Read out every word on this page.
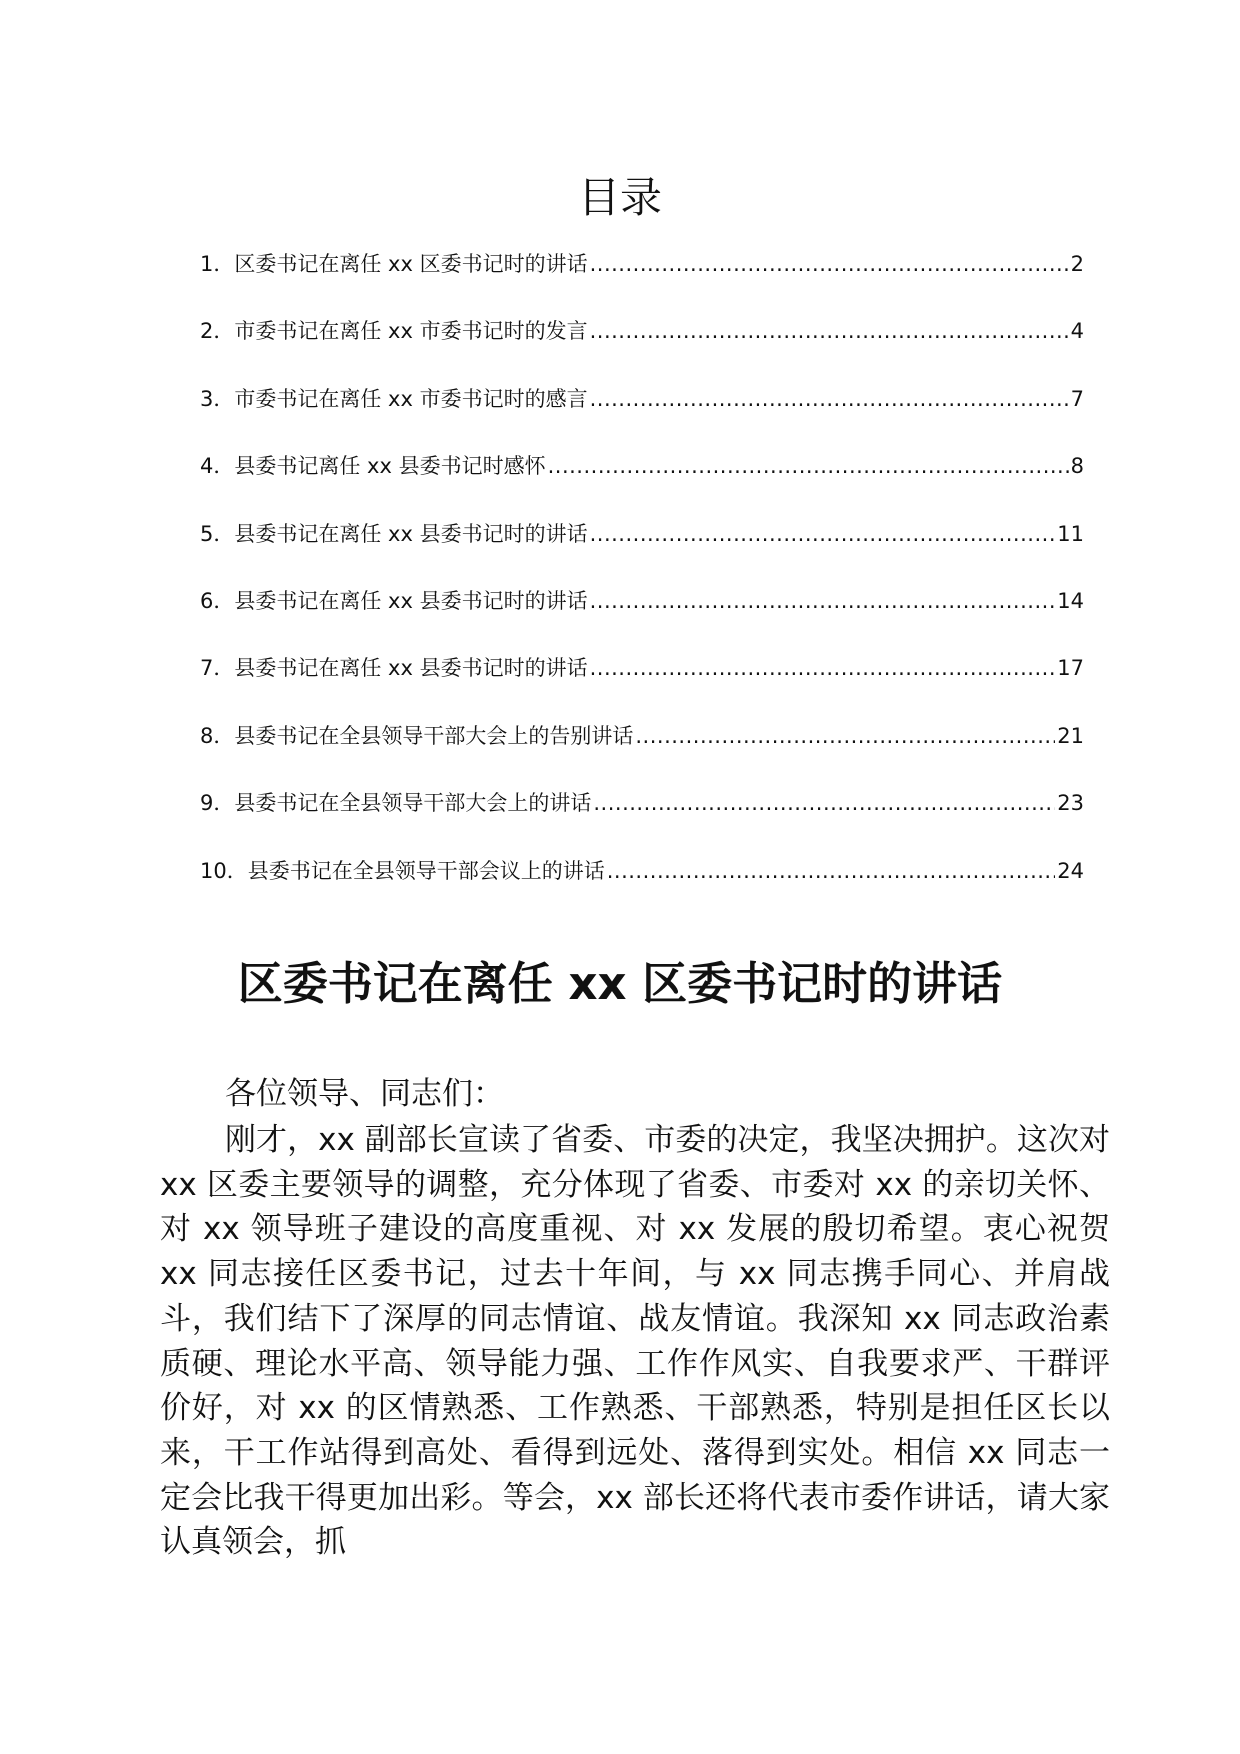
目录
1． 区委书记在离任 xx 区委书记时的讲话 .....	2
2． 市委书记在离任 xx 市委书记时的发言 .....	4
3． 市委书记在离任 xx 市委书记时的感言 .....	7
4． 县委书记离任 xx 县委书记时感怀 .....	8
5． 县委书记在离任 xx 县委书记时的讲话 .....	11
6． 县委书记在离任 xx 县委书记时的讲话 .....	14
7． 县委书记在离任 xx 县委书记时的讲话 .....	17
8． 县委书记在全县领导干部大会上的告别讲话 .....	21
9． 县委书记在全县领导干部大会上的讲话 .....	23
10． 县委书记在全县领导干部会议上的讲话 .....	24
区委书记在离任 xx 区委书记时的讲话

各位领导、同志们：

刚才，xx 副部长宣读了省委、市委的决定，我坚决拥护。这次对 xx 区委主要领导的调整，充分体现了省委、市委对 xx 的亲切关怀、对 xx 领导班子建设的高度重视、对 xx 发展的殷切希望。衷心祝贺 xx 同志接任区委书记，过去十年间，与 xx 同志携手同心、并肩战斗，我们结下了深厚的同志情谊、战友情谊。我深知 xx 同志政治素质硬、理论水平高、领导能力强、工作作风实、自我要求严、干群评价好，对 xx 的区情熟悉、工作熟悉、干部熟悉，特别是担任区长以来，干工作站得到高处、看得到远处、落得到实处。相信 xx 同志一定会比我干得更加出彩。等会，xx 部长还将代表市委作讲话，请大家认真领会，抓
